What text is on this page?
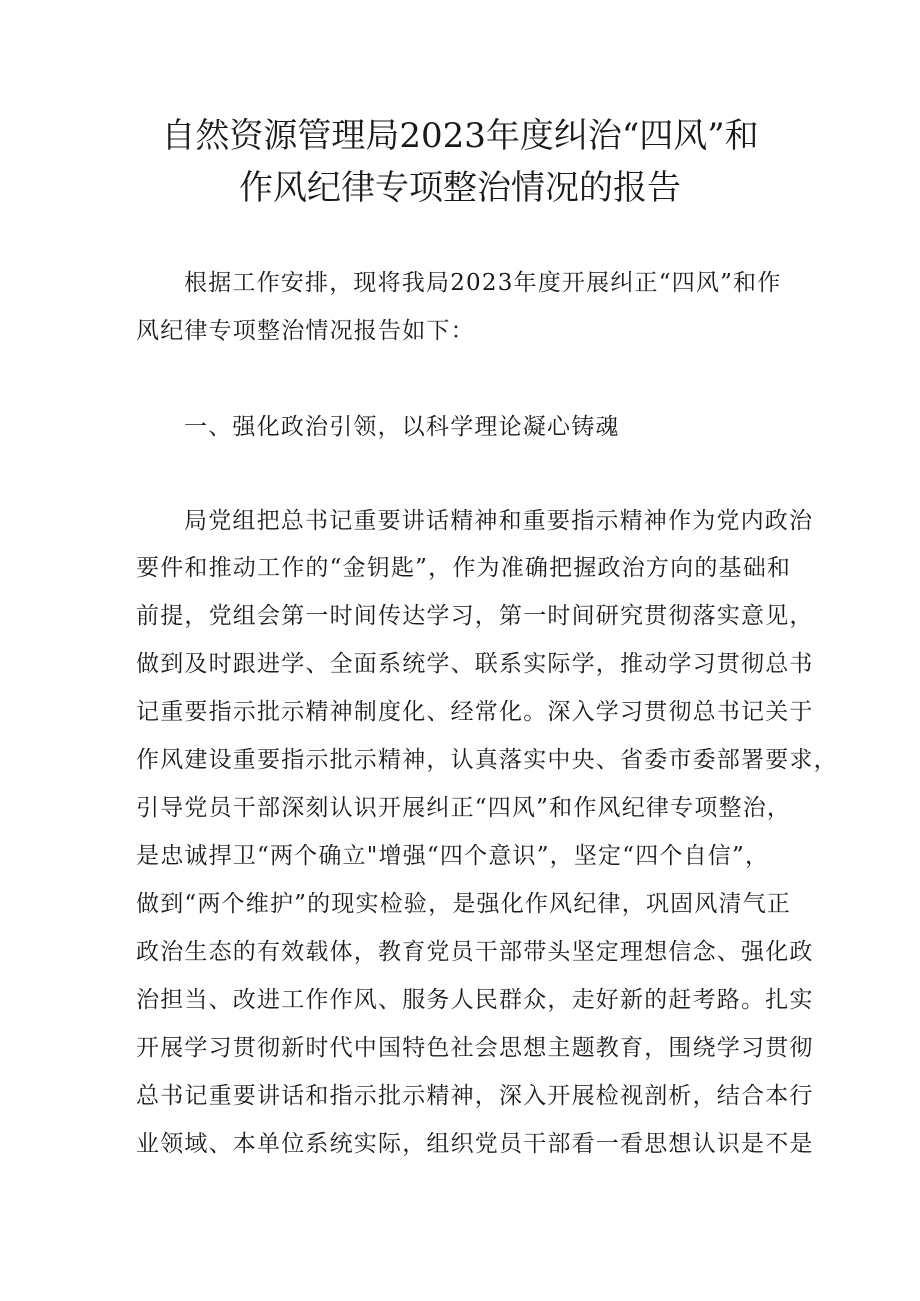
自然资源管理局2023年度纠治“四风”和
作风纪律专项整治情况的报告
根据工作安排，现将我局2023年度开展纠正“四风”和作
风纪律专项整治情况报告如下：
一、强化政治引领，以科学理论凝心铸魂
局党组把总书记重要讲话精神和重要指示精神作为党内政治
要件和推动工作的“金钥匙”，作为准确把握政治方向的基础和
前提，党组会第一时间传达学习，第一时间研究贯彻落实意见，
做到及时跟进学、全面系统学、联系实际学，推动学习贯彻总书
记重要指示批示精神制度化、经常化。深入学习贯彻总书记关于
作风建设重要指示批示精神，认真落实中央、省委市委部署要求，
引导党员干部深刻认识开展纠正“四风”和作风纪律专项整治，
是忠诚捍卫“两个确立"增强“四个意识”，坚定“四个自信”，
做到“两个维护”的现实检验，是强化作风纪律，巩固风清气正
政治生态的有效载体，教育党员干部带头坚定理想信念、强化政
治担当、改进工作作风、服务人民群众，走好新的赶考路。扎实
开展学习贯彻新时代中国特色社会思想主题教育，围绕学习贯彻
总书记重要讲话和指示批示精神，深入开展检视剖析，结合本行
业领域、本单位系统实际，组织党员干部看一看思想认识是不是
